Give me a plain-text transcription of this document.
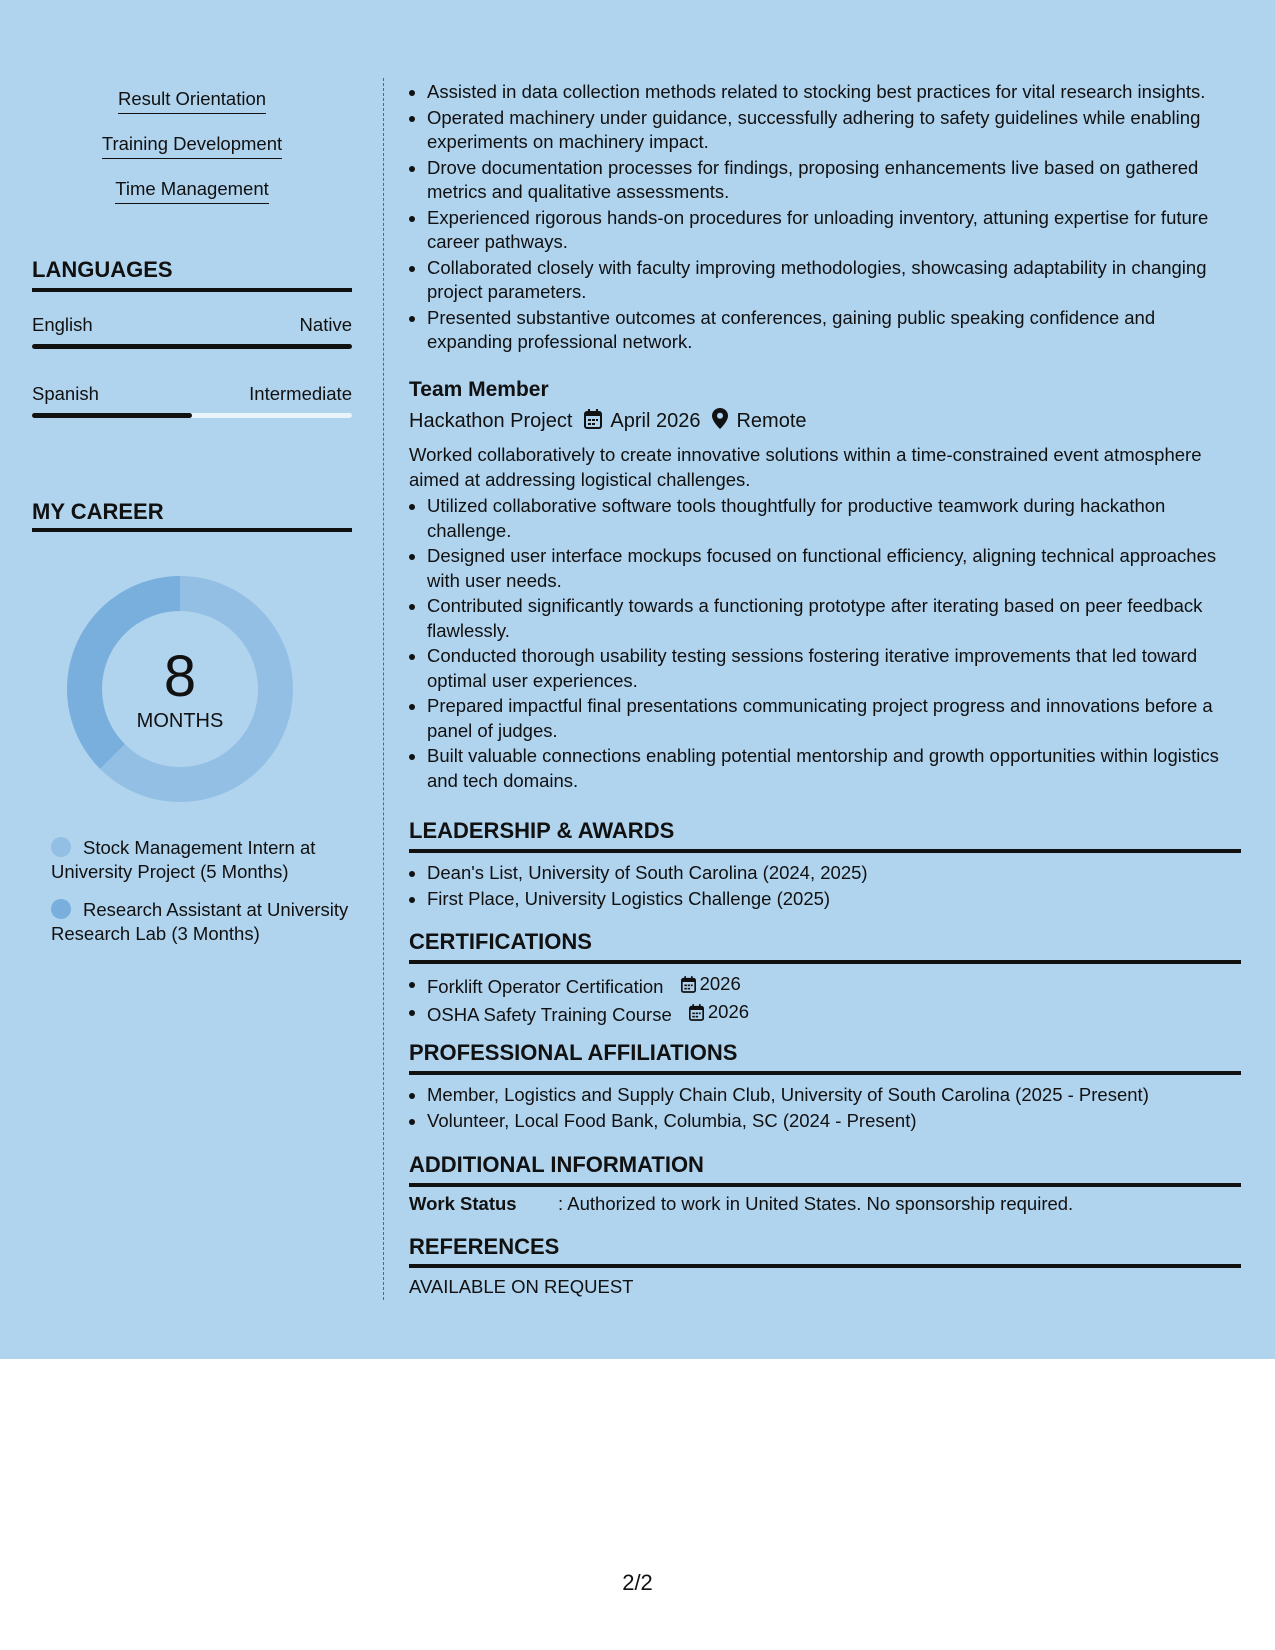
Result Orientation
Training Development
Time Management
LANGUAGES
English	Native
Spanish	Intermediate
MY CAREER
Stock Management Intern at University Project (5 Months)
Research Assistant at University Research Lab (3 Months)
8
MONTHS
Assisted in data collection methods related to stocking best practices for vital research insights.
Operated machinery under guidance, successfully adhering to safety guidelines while enabling experiments on machinery impact.
Drove documentation processes for findings, proposing enhancements live based on gathered metrics and qualitative assessments.
Experienced rigorous hands-on procedures for unloading inventory, attuning expertise for future career pathways.
Collaborated closely with faculty improving methodologies, showcasing adaptability in changing project parameters.
Presented substantive outcomes at conferences, gaining public speaking confidence and expanding professional network.
Team Member
Hackathon Project April 2026 Remote
Worked collaboratively to create innovative solutions within a time-constrained event atmosphere aimed at addressing logistical challenges.
Utilized collaborative software tools thoughtfully for productive teamwork during hackathon challenge.
Designed user interface mockups focused on functional efficiency, aligning technical approaches with user needs.
Contributed significantly towards a functioning prototype after iterating based on peer feedback flawlessly.
Conducted thorough usability testing sessions fostering iterative improvements that led toward optimal user experiences.
Prepared impactful final presentations communicating project progress and innovations before a panel of judges.
Built valuable connections enabling potential mentorship and growth opportunities within logistics and tech domains.
LEADERSHIP & AWARDS
Dean's List, University of South Carolina (2024, 2025)
First Place, University Logistics Challenge (2025)
CERTIFICATIONS
Forklift Operator Certification 2026
OSHA Safety Training Course 2026
PROFESSIONAL AFFILIATIONS
Member, Logistics and Supply Chain Club, University of South Carolina (2025 - Present)
Volunteer, Local Food Bank, Columbia, SC (2024 - Present)
ADDITIONAL INFORMATION
Work Status	: Authorized to work in United States. No sponsorship required.
REFERENCES
AVAILABLE ON REQUEST
2/2
